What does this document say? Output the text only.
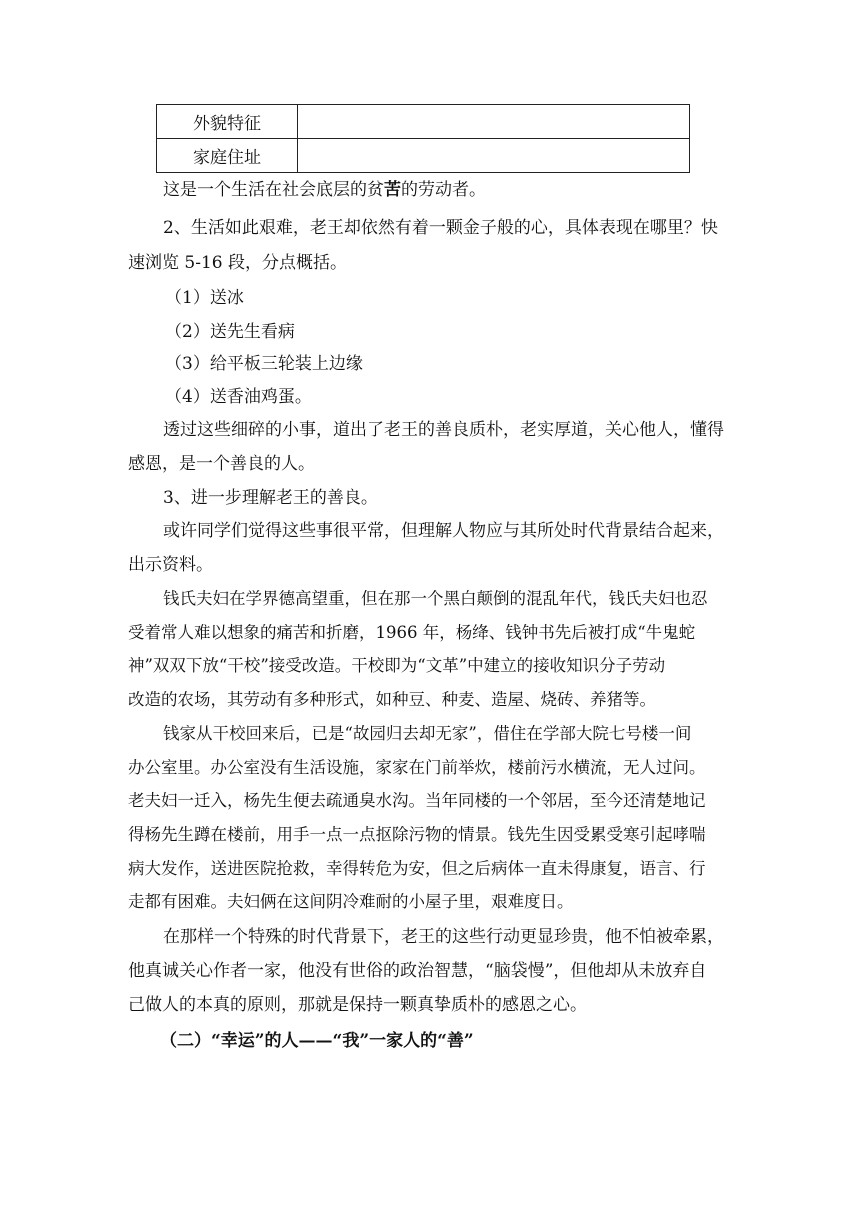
外貌特征	
家庭住址	

这是一个生活在社会底层的贫苦的劳动者。

2、生活如此艰难，老王却依然有着一颗金子般的心，具体表现在哪里？快

速浏览 5-16 段，分点概括。

（1）送冰

（2）送先生看病

（3）给平板三轮装上边缘

（4）送香油鸡蛋。

透过这些细碎的小事，道出了老王的善良质朴，老实厚道，关心他人，懂得

感恩，是一个善良的人。

3、进一步理解老王的善良。

或许同学们觉得这些事很平常，但理解人物应与其所处时代背景结合起来，

出示资料。

钱氏夫妇在学界德高望重，但在那一个黑白颠倒的混乱年代，钱氏夫妇也忍

受着常人难以想象的痛苦和折磨，1966 年，杨绛、钱钟书先后被打成“牛鬼蛇

神”双双下放“干校”接受改造。干校即为“文革”中建立的接收知识分子劳动

改造的农场，其劳动有多种形式，如种豆、种麦、造屋、烧砖、养猪等。

钱家从干校回来后，已是“故园归去却无家”，借住在学部大院七号楼一间

办公室里。办公室没有生活设施，家家在门前举炊，楼前污水横流，无人过问。

老夫妇一迁入，杨先生便去疏通臭水沟。当年同楼的一个邻居，至今还清楚地记

得杨先生蹲在楼前，用手一点一点抠除污物的情景。钱先生因受累受寒引起哮喘

病大发作，送进医院抢救，幸得转危为安，但之后病体一直未得康复，语言、行

走都有困难。夫妇俩在这间阴冷难耐的小屋子里，艰难度日。

在那样一个特殊的时代背景下，老王的这些行动更显珍贵，他不怕被牵累，

他真诚关心作者一家，他没有世俗的政治智慧，“脑袋慢”，但他却从未放弃自

己做人的本真的原则，那就是保持一颗真挚质朴的感恩之心。

（二）“幸运”的人——“我”一家人的“善”
